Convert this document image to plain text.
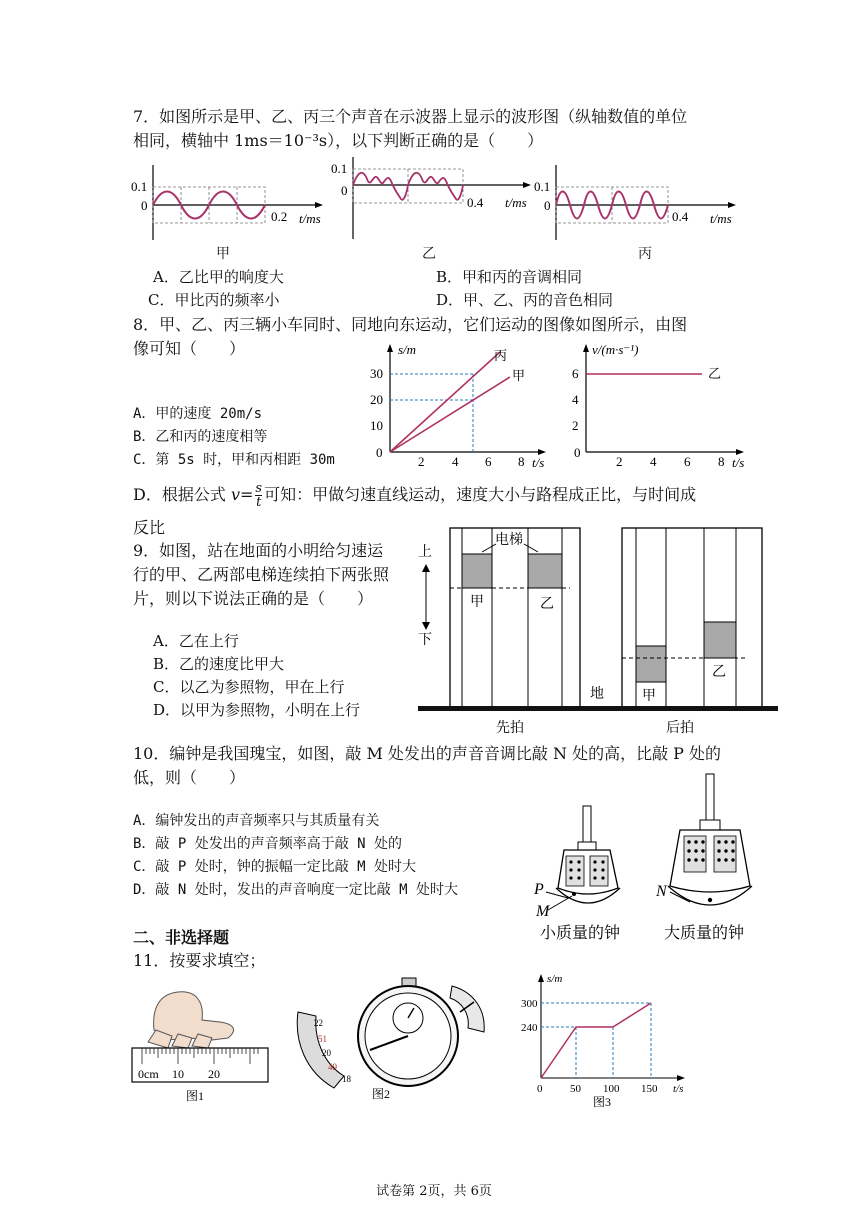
7．如图所示是甲、乙、丙三个声音在示波器上显示的波形图（纵轴数值的单位
相同，横轴中 1ms＝10⁻³s），以下判断正确的是（　　）
0.1
0
0.2 t/ms
甲
0.1
0
0.4 t/ms
乙
0.1
0
0.4 t/ms
丙
A．乙比甲的响度大	B．甲和丙的音调相同
C．甲比丙的频率小	D．甲、乙、丙的音色相同
8．甲、乙、丙三辆小车同时、同地向东运动，它们运动的图像如图所示，由图
像可知（　　）	s/m
t/s
10
20
30
0
2 4 6 8
丙
甲
v/(m·s⁻¹)
t/s
2
4
6
0
2 4 6 8
乙
A．甲的速度 20m/s
B．乙和丙的速度相等
C．第 5s 时，甲和丙相距 30m
D．根据公式 $v= \frac{s}{t}$ 可知：甲做匀速直线运动，速度大小与路程成正比，与时间成
反比
9．如图，站在地面的小明给匀速运
行的甲、乙两部电梯连续拍下两张照
片，则以下说法正确的是（　　）
A．乙在上行
B．乙的速度比甲大
C．以乙为参照物，甲在上行
D．以甲为参照物，小明在上行
电梯
甲	乙
上
下
甲
乙
地
先拍	后拍
10．编钟是我国瑰宝，如图，敲 M 处发出的声音音调比敲 N 处的高，比敲 P 处的
低，则（　　）
A．编钟发出的声音频率只与其质量有关
B．敲 P 处发出的声音频率高于敲 N 处的
C．敲 P 处时，钟的振幅一定比敲 M 处时大
D．敲 N 处时，发出的声音响度一定比敲 M 处时大	P
M
N
小质量的钟	大质量的钟
二、非选择题
11．按要求填空；
0cm 10 20
图1
22
51
20
49
18
图2
s/m
t/s
240
300
0	50 100 150
图3
试卷第 2页，共 6页
